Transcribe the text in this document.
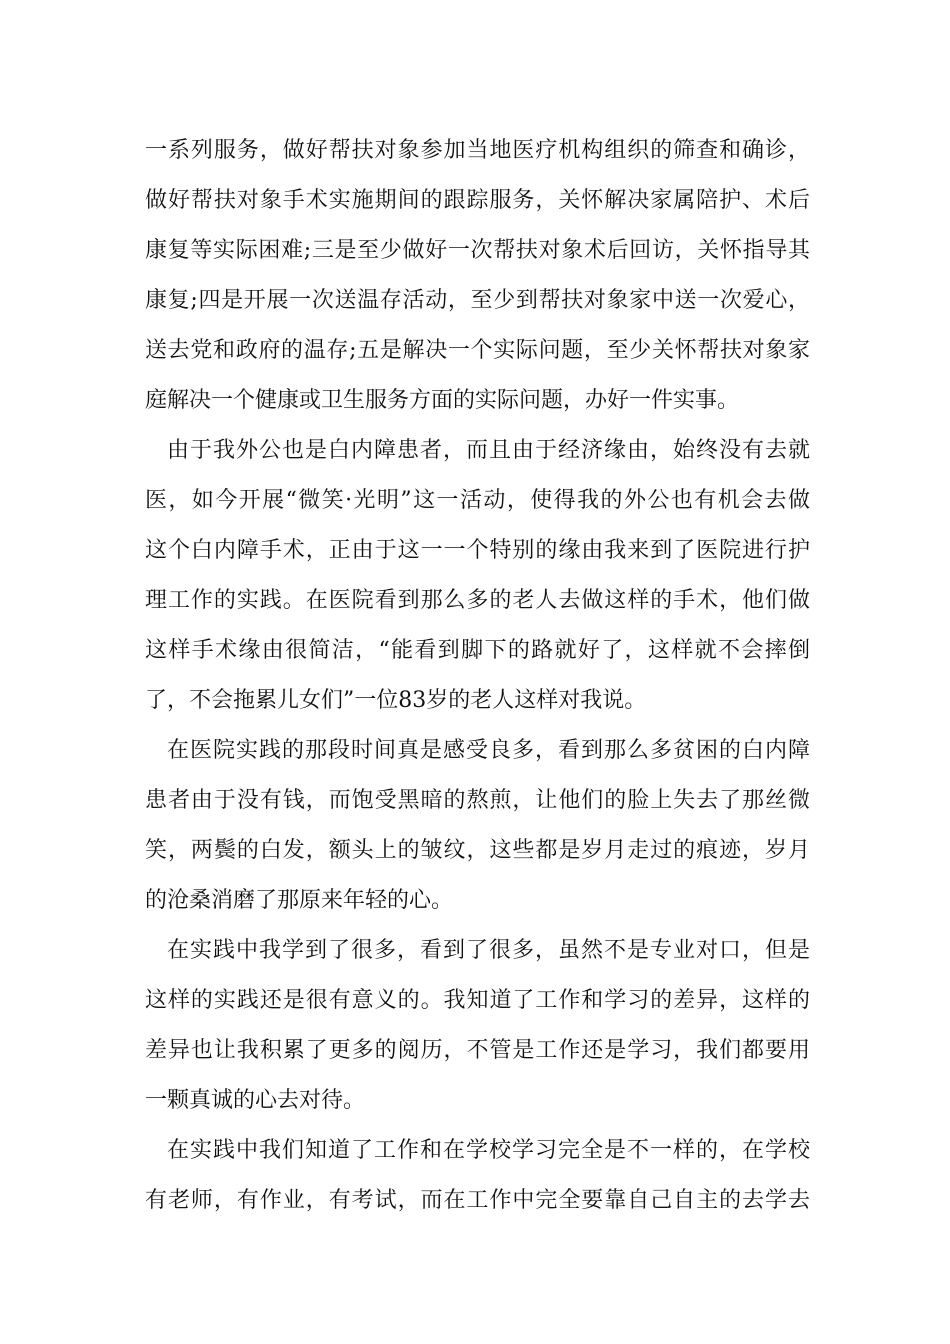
一系列服务，做好帮扶对象参加当地医疗机构组织的筛查和确诊，
做好帮扶对象手术实施期间的跟踪服务，关怀解决家属陪护、术后
康复等实际困难;三是至少做好一次帮扶对象术后回访，关怀指导其
康复;四是开展一次送温存活动，至少到帮扶对象家中送一次爱心，
送去党和政府的温存;五是解决一个实际问题，至少关怀帮扶对象家
庭解决一个健康或卫生服务方面的实际问题，办好一件实事。
由于我外公也是白内障患者，而且由于经济缘由，始终没有去就
医，如今开展“微笑·光明”这一活动，使得我的外公也有机会去做
这个白内障手术，正由于这一一个特别的缘由我来到了医院进行护
理工作的实践。在医院看到那么多的老人去做这样的手术，他们做
这样手术缘由很简洁，“能看到脚下的路就好了，这样就不会摔倒
了，不会拖累儿女们”一位83岁的老人这样对我说。
在医院实践的那段时间真是感受良多，看到那么多贫困的白内障
患者由于没有钱，而饱受黑暗的熬煎，让他们的脸上失去了那丝微
笑，两鬓的白发，额头上的皱纹，这些都是岁月走过的痕迹，岁月
的沧桑消磨了那原来年轻的心。
在实践中我学到了很多，看到了很多，虽然不是专业对口，但是
这样的实践还是很有意义的。我知道了工作和学习的差异，这样的
差异也让我积累了更多的阅历，不管是工作还是学习，我们都要用
一颗真诚的心去对待。
在实践中我们知道了工作和在学校学习完全是不一样的，在学校
有老师，有作业，有考试，而在工作中完全要靠自己自主的去学去
